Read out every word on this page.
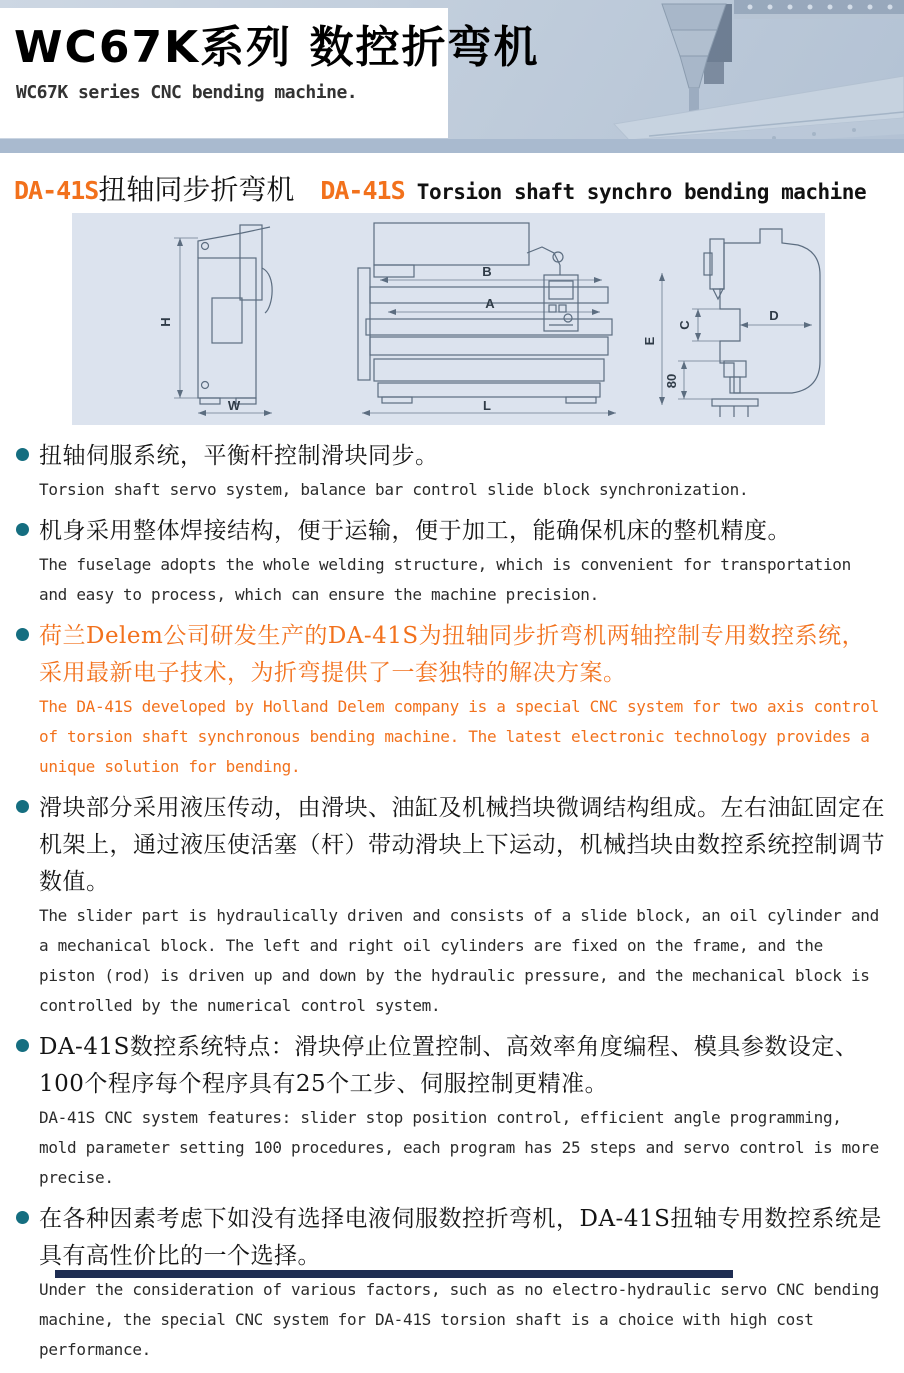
WC67K系列 数控折弯机
WC67K series CNC bending machine.
DA-41S扭轴同步折弯机 DA-41S Torsion shaft synchro bending machine
H
W
B
A
L
E
C
D
80
扭轴伺服系统，平衡杆控制滑块同步。
Torsion shaft servo system, balance bar control slide block synchronization.
机身采用整体焊接结构，便于运输，便于加工，能确保机床的整机精度。
The fuselage adopts the whole welding structure, which is convenient for transportation and easy to process, which can ensure the machine precision.
荷兰Delem公司研发生产的DA-41S为扭轴同步折弯机两轴控制专用数控系统，采用最新电子技术，为折弯提供了一套独特的解决方案。
The DA-41S developed by Holland Delem company is a special CNC system for two axis control of torsion shaft synchronous bending machine. The latest electronic technology provides a unique solution for bending.
滑块部分采用液压传动，由滑块、油缸及机械挡块微调结构组成。左右油缸固定在机架上，通过液压使活塞（杆）带动滑块上下运动，机械挡块由数控系统控制调节数值。
The slider part is hydraulically driven and consists of a slide block, an oil cylinder and a mechanical block. The left and right oil cylinders are fixed on the frame, and the piston (rod) is driven up and down by the hydraulic pressure, and the mechanical block is controlled by the numerical control system.
DA-41S数控系统特点：滑块停止位置控制、高效率角度编程、模具参数设定、100个程序每个程序具有25个工步、伺服控制更精准。
DA-41S CNC system features: slider stop position control, efficient angle programming, mold parameter setting 100 procedures, each program has 25 steps and servo control is more precise.
在各种因素考虑下如没有选择电液伺服数控折弯机，DA-41S扭轴专用数控系统是具有高性价比的一个选择。
Under the consideration of various factors, such as no electro-hydraulic servo CNC bending machine, the special CNC system for DA-41S torsion shaft is a choice with high cost performance.
